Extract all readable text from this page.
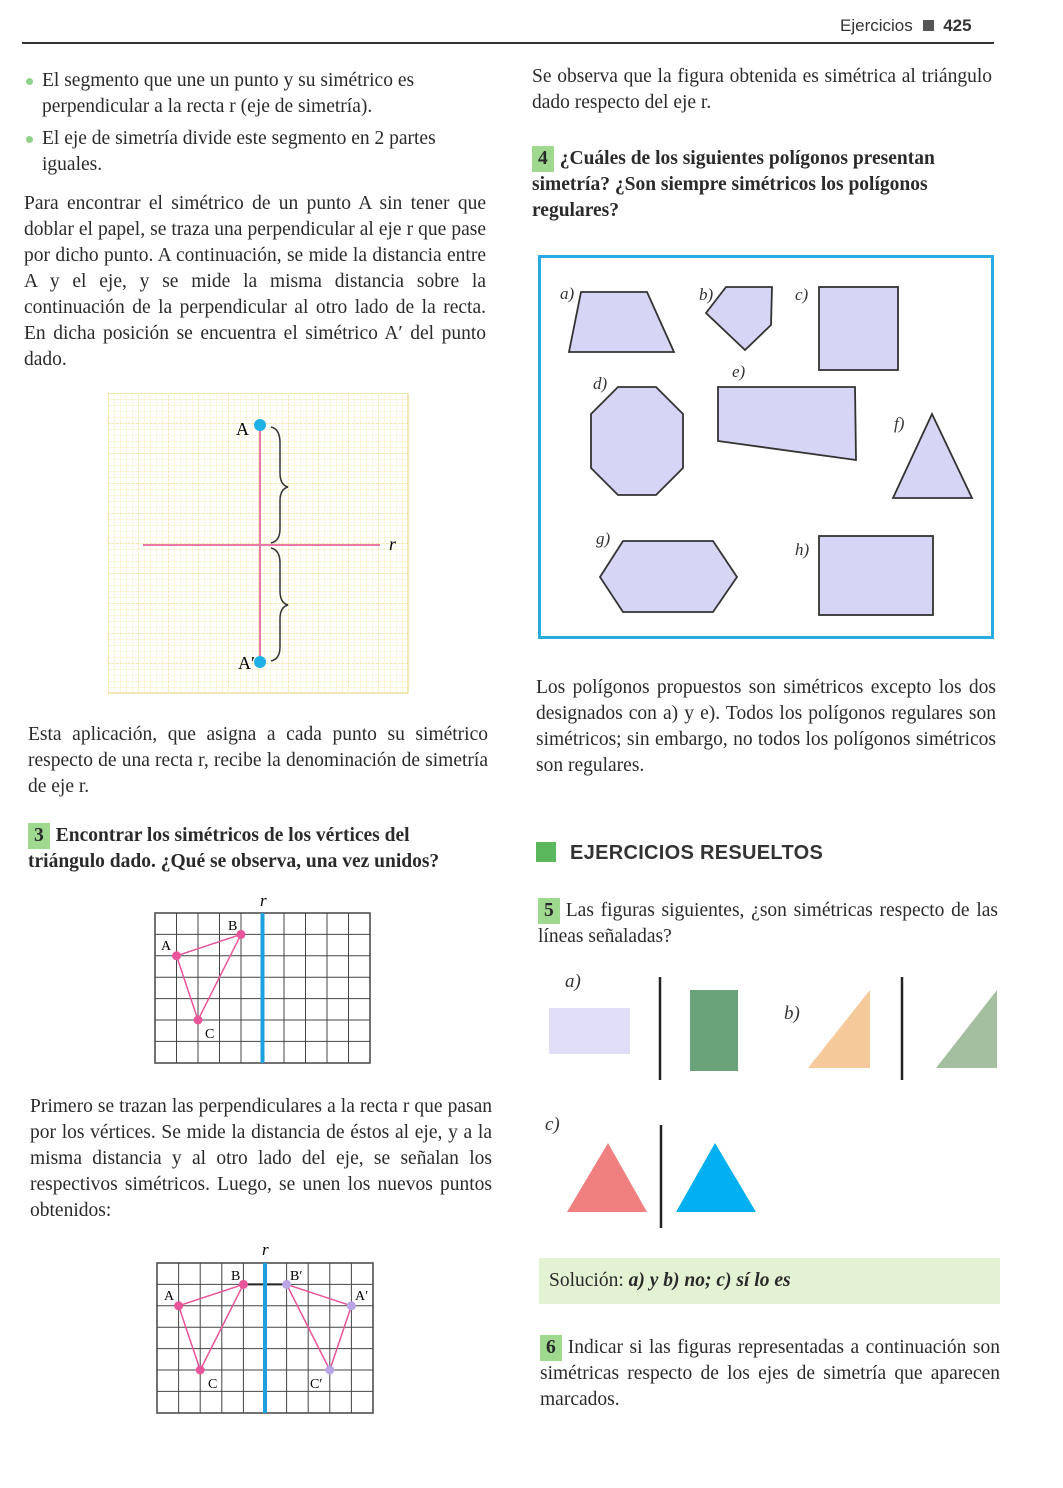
Ejercicios 425
El segmento que une un punto y su simétrico es perpendicular a la recta r (eje de simetría).
El eje de simetría divide este segmento en 2 partes iguales.

Para encontrar el simétrico de un punto A sin tener que doblar el papel, se traza una perpendicular al eje r que pase por dicho punto. A continuación, se mide la distancia entre A y el eje, y se mide la misma distancia sobre la continuación de la perpendicular al otro lado de la recta. En dicha posición se encuentra el simétrico A′ del punto dado.

A
A′
r

Esta aplicación, que asigna a cada punto su simétrico respecto de una recta r, recibe la denominación de simetría de eje r.

3 Encontrar los simétricos de los vértices del triángulo dado. ¿Qué se observa, una vez unidos?

r
A
B
C

Primero se trazan las perpendiculares a la recta r que pasan por los vértices. Se mide la distancia de éstos al eje, y a la misma distancia y al otro lado del eje, se señalan los respectivos simétricos. Luego, se unen los nuevos puntos obtenidos:

r
A
B
C
B′
A′
C′

Se observa que la figura obtenida es simétrica al triángulo dado respecto del eje r.

4 ¿Cuáles de los siguientes polígonos presentan simetría? ¿Son siempre simétricos los polígonos regulares?

a)	b)	c)
d)
e)
f)
g)
h)

Los polígonos propuestos son simétricos excepto los dos designados con a) y e). Todos los polígonos regulares son simétricos; sin embargo, no todos los polígonos simétricos son regulares.

EJERCICIOS RESUELTOS

5 Las figuras siguientes, ¿son simétricas respecto de las líneas señaladas?

a)
b)
c)
Solución: a) y b) no; c) sí lo es

6 Indicar si las figuras representadas a continuación son simétricas respecto de los ejes de simetría que aparecen marcados.
